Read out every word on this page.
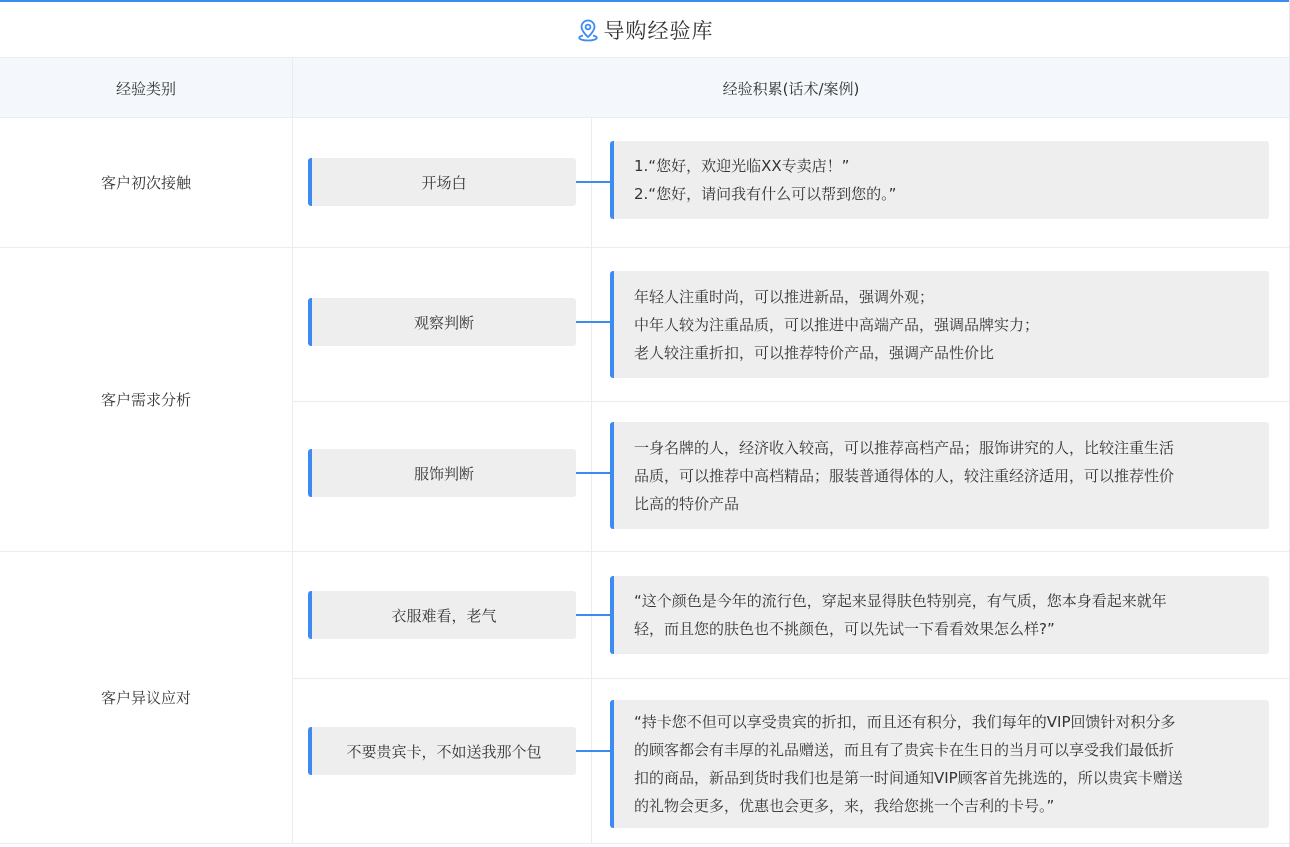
导购经验库
经验类别	经验积累(话术/案例)
客户初次接触	开场白

1.“您好，欢迎光临XX专卖店！”

2.“您好，请问我有什么可以帮到您的。”

客户需求分析
观察判断

年轻人注重时尚，可以推进新品，强调外观；

中年人较为注重品质，可以推进中高端产品，强调品牌实力；

老人较注重折扣，可以推荐特价产品，强调产品性价比

服饰判断

一身名牌的人，经济收入较高，可以推荐高档产品；服饰讲究的人，比较注重生活

品质，可以推荐中高档精品；服装普通得体的人，较注重经济适用，可以推荐性价

比高的特价产品

客户异议应对
衣服难看，老气

“这个颜色是今年的流行色，穿起来显得肤色特别亮，有气质，您本身看起来就年

轻，而且您的肤色也不挑颜色，可以先试一下看看效果怎么样?”

不要贵宾卡，不如送我那个包

“持卡您不但可以享受贵宾的折扣，而且还有积分，我们每年的VIP回馈针对积分多

的顾客都会有丰厚的礼品赠送，而且有了贵宾卡在生日的当月可以享受我们最低折

扣的商品，新品到货时我们也是第一时间通知VIP顾客首先挑选的，所以贵宾卡赠送

的礼物会更多，优惠也会更多，来，我给您挑一个吉利的卡号。”
